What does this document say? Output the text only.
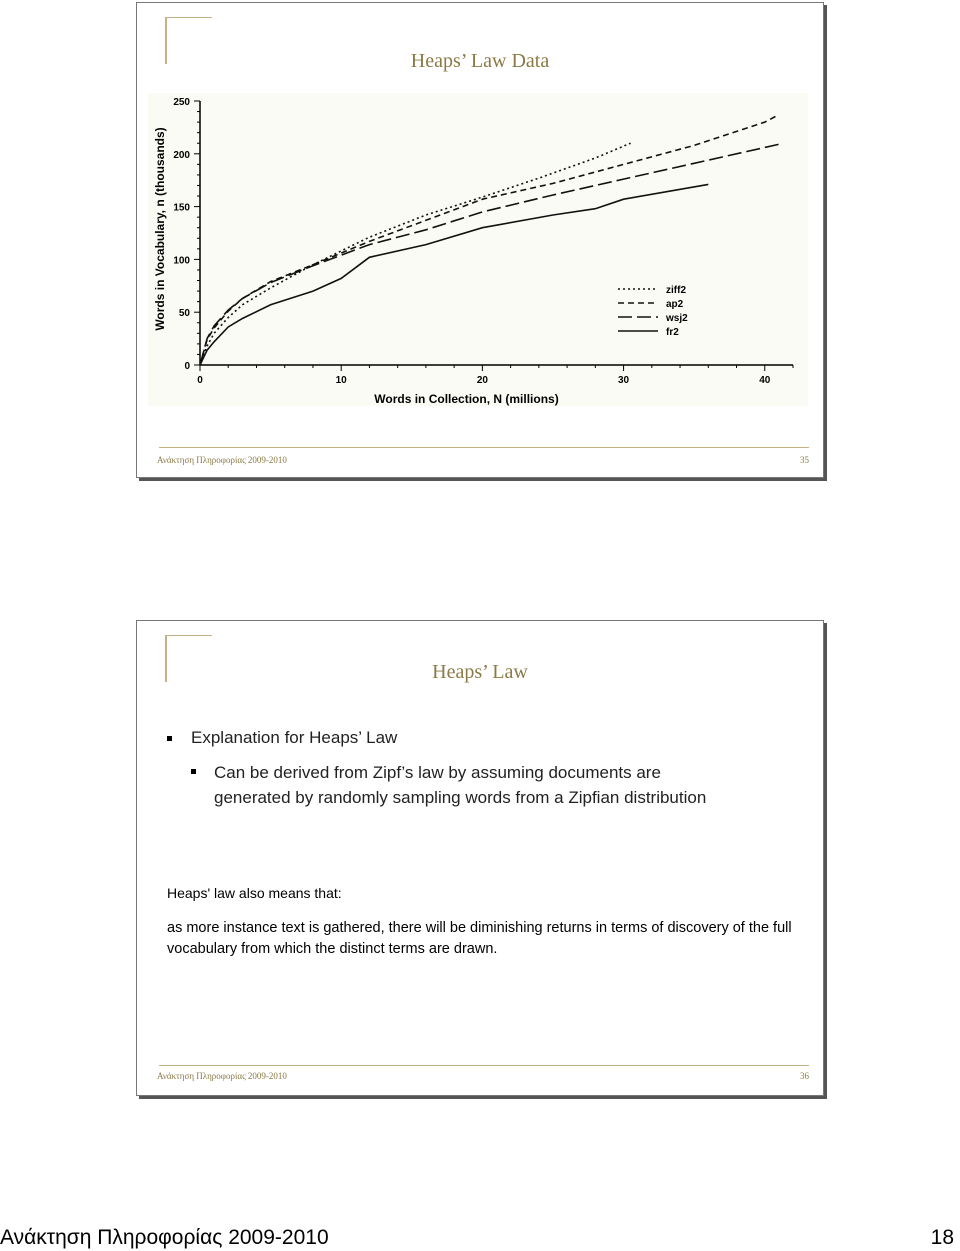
Heaps’ Law Data
0
50
100
150
200
250
0	10	20	30	40
Words in Collection, N (millions)
Words in Vocabulary, n (thousands)	ziff2
ap2
wsj2
fr2
Ανάκτηση Πληροφορίας 2009-2010	35
Heaps’ Law
Explanation for Heaps’ Law
Can be derived from Zipf’s law by assuming documents are generated by randomly sampling words from a Zipfian distribution
Heaps' law also means that:
as more instance text is gathered, there will be diminishing returns in terms of discovery of the full vocabulary from which the distinct terms are drawn.
Ανάκτηση Πληροφορίας 2009-2010	36
Ανάκτηση Πληροφορίας 2009-2010	18
